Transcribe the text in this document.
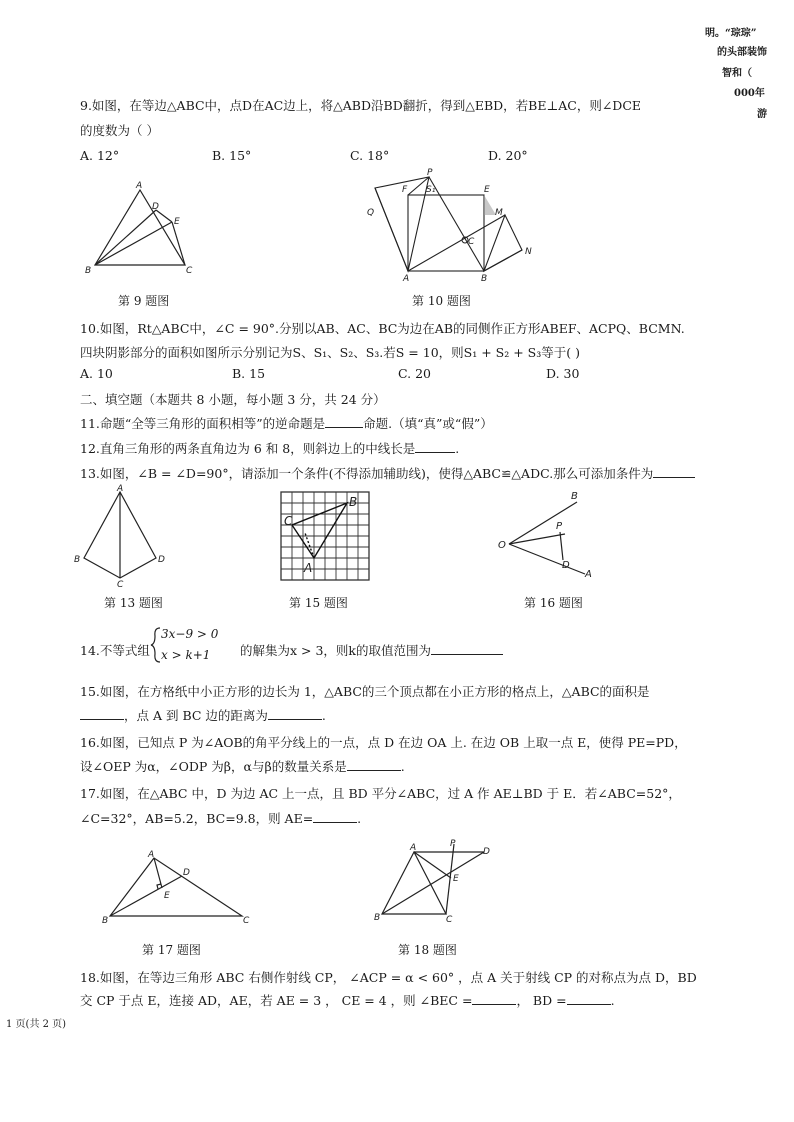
明。“琮琮”
的头部装饰
智和（
000年
游
9.如图，在等边△ABC中，点D在AC边上，将△ABD沿BD翻折，得到△EBD，若BE⊥AC，则∠DCE
的度数为（ ）
A. 12°	B. 15°	C. 18°	D. 20°
A
B	C
D
E
第 9 题图
F
P
S₁	E
Q	M
N
A	B
C
第 10 题图
10.如图，Rt△ABC中，∠C = 90°.分别以AB、AC、BC为边在AB的同侧作正方形ABEF、ACPQ、BCMN.
四块阴影部分的面积如图所示分别记为S、S₁、S₂、S₃.若S = 10，则S₁ + S₂ + S₃等于( )
A. 10	B. 15	C. 20	D. 30
二、填空题（本题共 8 小题，每小题 3 分，共 24 分）
11.命题“全等三角形的面积相等”的逆命题是	命题.（填“真”或“假”）
12.直角三角形的两条直角边为 6 和 8，则斜边上的中线长是	.
13.如图，∠B = ∠D=90°，请添加一个条件(不得添加辅助线)，使得△ABC≌△ADC.那么可添加条件为
A
B
C
D
第 13 题图
B
C
A
第 15 题图
O
B
P
D
A
第 16 题图
14.不等式组
3x−9 > 0
x > k+1 的解集为x > 3，则k的取值范围为
15.如图，在方格纸中小正方形的边长为 1，△ABC的三个顶点都在小正方形的格点上，△ABC的面积是
，点 A 到 BC 边的距离为	.
16.如图，已知点 P 为∠AOB的角平分线上的一点，点 D 在边 OA 上. 在边 OB 上取一点 E，使得 PE=PD，
设∠OEP 为α，∠ODP 为β，α与β的数量关系是	.
17.如图，在△ABC 中，D 为边 AC 上一点，且 BD 平分∠ABC，过 A 作 AE⊥BD 于 E．若∠ABC=52°，
∠C=32°，AB=5.2，BC=9.8，则 AE=	.
A
B	C
D
E
第 17 题图
A	P
D
E
B	C
第 18 题图
18.如图，在等边三角形 ABC 右侧作射线 CP， ∠ACP = α < 60° ，点 A 关于射线 CP 的对称点为点 D，BD
交 CP 于点 E，连接 AD，AE，若 AE = 3 ， CE = 4 ，则 ∠BEC =	， BD =	.
1 页(共 2 页)
